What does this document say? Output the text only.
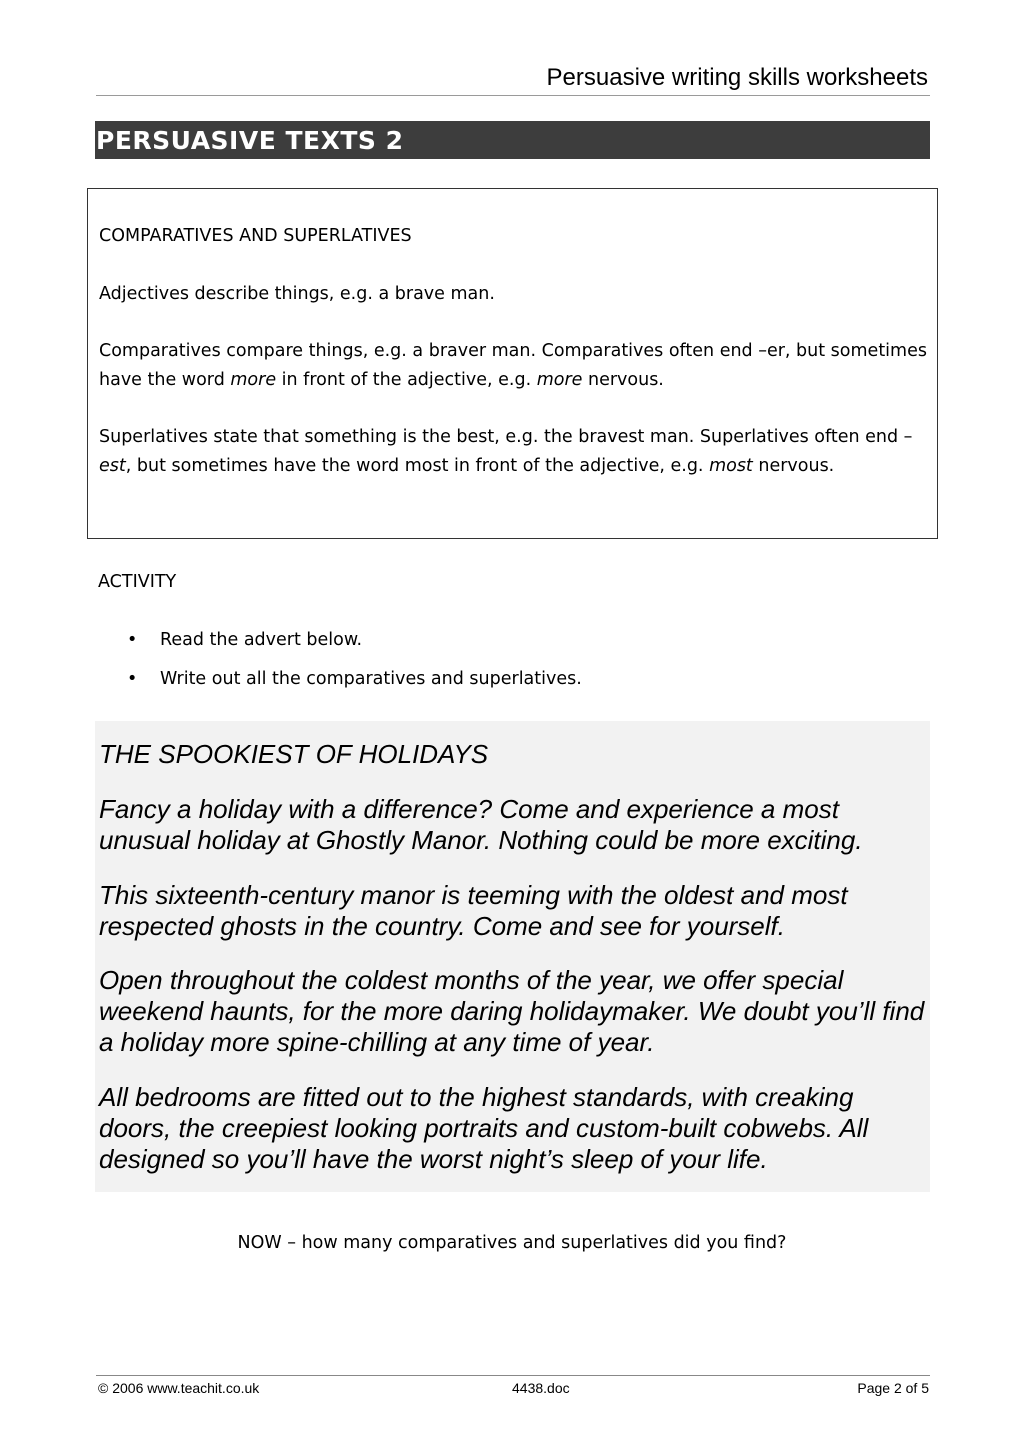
Persuasive writing skills worksheets
PERSUASIVE TEXTS 2

COMPARATIVES AND SUPERLATIVES

Adjectives describe things, e.g. a brave man.

Comparatives compare things, e.g. a braver man. Comparatives often end –er, but sometimes have the word more in front of the adjective, e.g. more nervous.

Superlatives state that something is the best, e.g. the bravest man. Superlatives often end –est, but sometimes have the word most in front of the adjective, e.g. most nervous.

ACTIVITY

• Read the advert below.
• Write out all the comparatives and superlatives.

THE SPOOKIEST OF HOLIDAYS

Fancy a holiday with a difference? Come and experience a most unusual holiday at Ghostly Manor. Nothing could be more exciting.

This sixteenth-century manor is teeming with the oldest and most respected ghosts in the country. Come and see for yourself.

Open throughout the coldest months of the year, we offer special weekend haunts, for the more daring holidaymaker. We doubt you’ll find a holiday more spine-chilling at any time of year.

All bedrooms are fitted out to the highest standards, with creaking doors, the creepiest looking portraits and custom-built cobwebs. All designed so you’ll have the worst night’s sleep of your life.

NOW – how many comparatives and superlatives did you find?

© 2006 www.teachit.co.uk	4438.doc	Page 2 of 5
